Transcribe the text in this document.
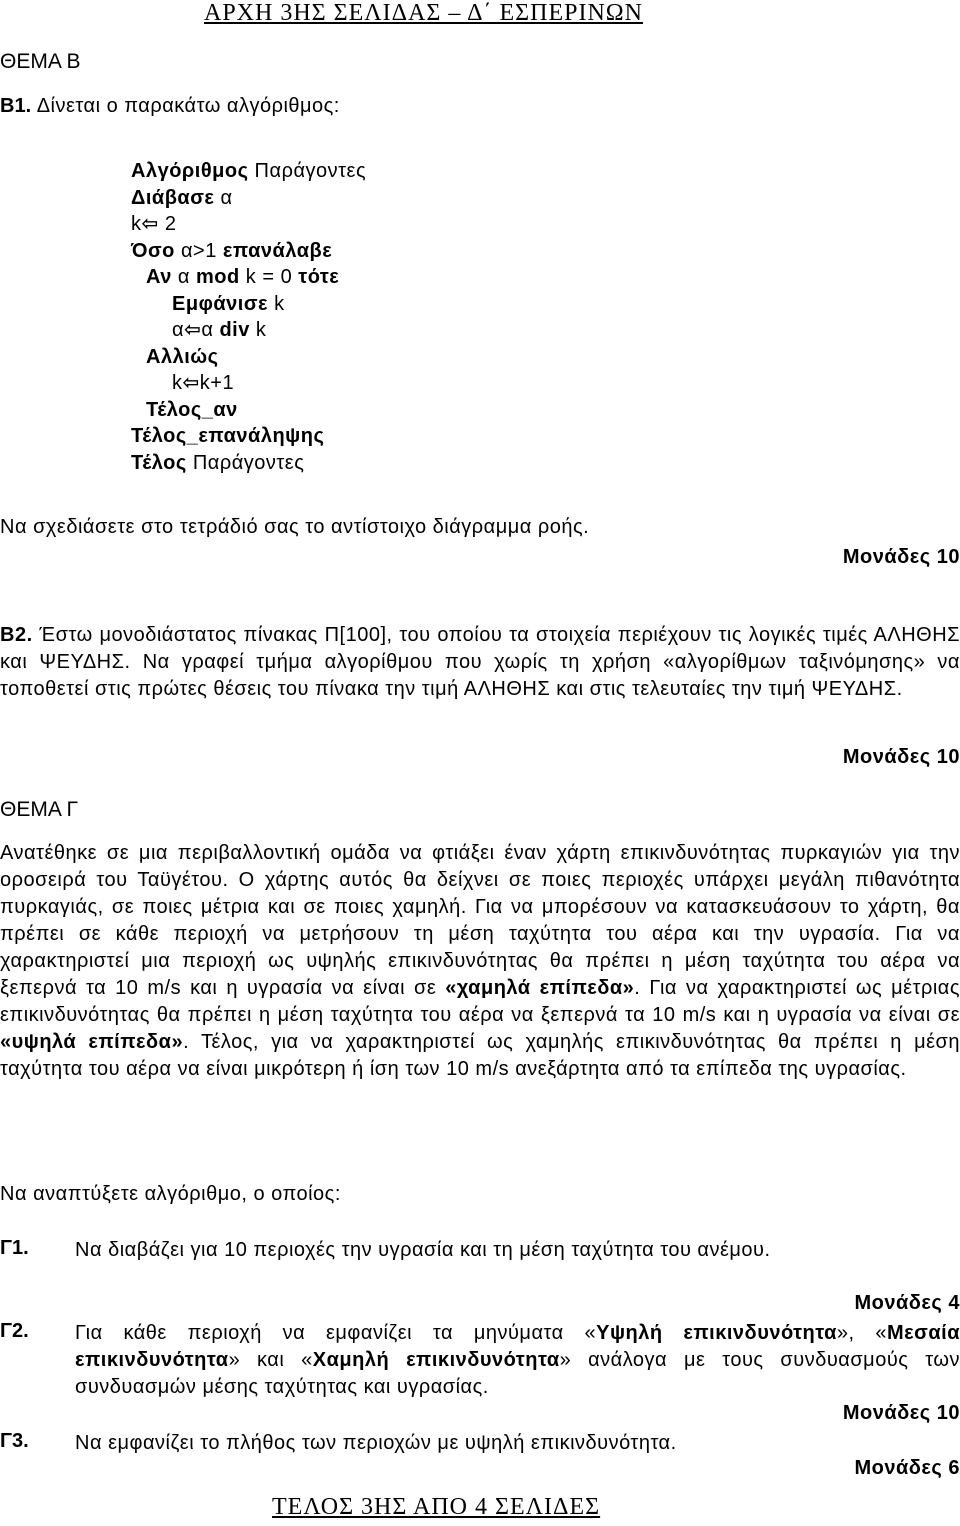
ΑΡΧΗ 3ΗΣ ΣΕΛΙΔΑΣ – Δ΄ ΕΣΠΕΡΙΝΩΝ
ΘΕΜΑ Β
Β1. Δίνεται ο παρακάτω αλγόριθμος:
Αλγόριθμος Παράγοντες
Διάβασε α
k⇦ 2
Όσο α>1 επανάλαβε
Αν α mod k = 0 τότε
Εμφάνισε k
α⇦α div k
Αλλιώς
k⇦k+1
Τέλος_αν
Τέλος_επανάληψης
Τέλος Παράγοντες
Να σχεδιάσετε στο τετράδιό σας το αντίστοιχο διάγραμμα ροής.
Μονάδες 10
Β2. Έστω μονοδιάστατος πίνακας Π[100], του οποίου τα στοιχεία περιέχουν τις λογικές τιμές ΑΛΗΘΗΣ και ΨΕΥΔΗΣ. Να γραφεί τμήμα αλγορίθμου που χωρίς τη χρήση «αλγορίθμων ταξινόμησης» να τοποθετεί στις πρώτες θέσεις του πίνακα την τιμή ΑΛΗΘΗΣ και στις τελευταίες την τιμή ΨΕΥΔΗΣ.
Μονάδες 10
ΘΕΜΑ Γ
Ανατέθηκε σε μια περιβαλλοντική ομάδα να φτιάξει έναν χάρτη επικινδυνότητας πυρκαγιών για την οροσειρά του Ταϋγέτου. Ο χάρτης αυτός θα δείχνει σε ποιες περιοχές υπάρχει μεγάλη πιθανότητα πυρκαγιάς, σε ποιες μέτρια και σε ποιες χαμηλή. Για να μπορέσουν να κατασκευάσουν το χάρτη, θα πρέπει σε κάθε περιοχή να μετρήσουν τη μέση ταχύτητα του αέρα και την υγρασία. Για να χαρακτηριστεί μια περιοχή ως υψηλής επικινδυνότητας θα πρέπει η μέση ταχύτητα του αέρα να ξεπερνά τα 10 m/s και η υγρασία να είναι σε «χαμηλά επίπεδα». Για να χαρακτηριστεί ως μέτριας επικινδυνότητας θα πρέπει η μέση ταχύτητα του αέρα να ξεπερνά τα 10 m/s και η υγρασία να είναι σε «υψηλά επίπεδα». Τέλος, για να χαρακτηριστεί ως χαμηλής επικινδυνότητας θα πρέπει η μέση ταχύτητα του αέρα να είναι μικρότερη ή ίση των 10 m/s ανεξάρτητα από τα επίπεδα της υγρασίας.
Να αναπτύξετε αλγόριθμο, ο οποίος:
Γ1. Να διαβάζει για 10 περιοχές την υγρασία και τη μέση ταχύτητα του ανέμου.
Μονάδες 4
Γ2. Για κάθε περιοχή να εμφανίζει τα μηνύματα «Υψηλή επικινδυνότητα», «Μεσαία επικινδυνότητα» και «Χαμηλή επικινδυνότητα» ανάλογα με τους συνδυασμούς των συνδυασμών μέσης ταχύτητας και υγρασίας.
Μονάδες 10
Γ3. Να εμφανίζει το πλήθος των περιοχών με υψηλή επικινδυνότητα.
Μονάδες 6
ΤΕΛΟΣ 3ΗΣ ΑΠΟ 4 ΣΕΛΙΔΕΣ
